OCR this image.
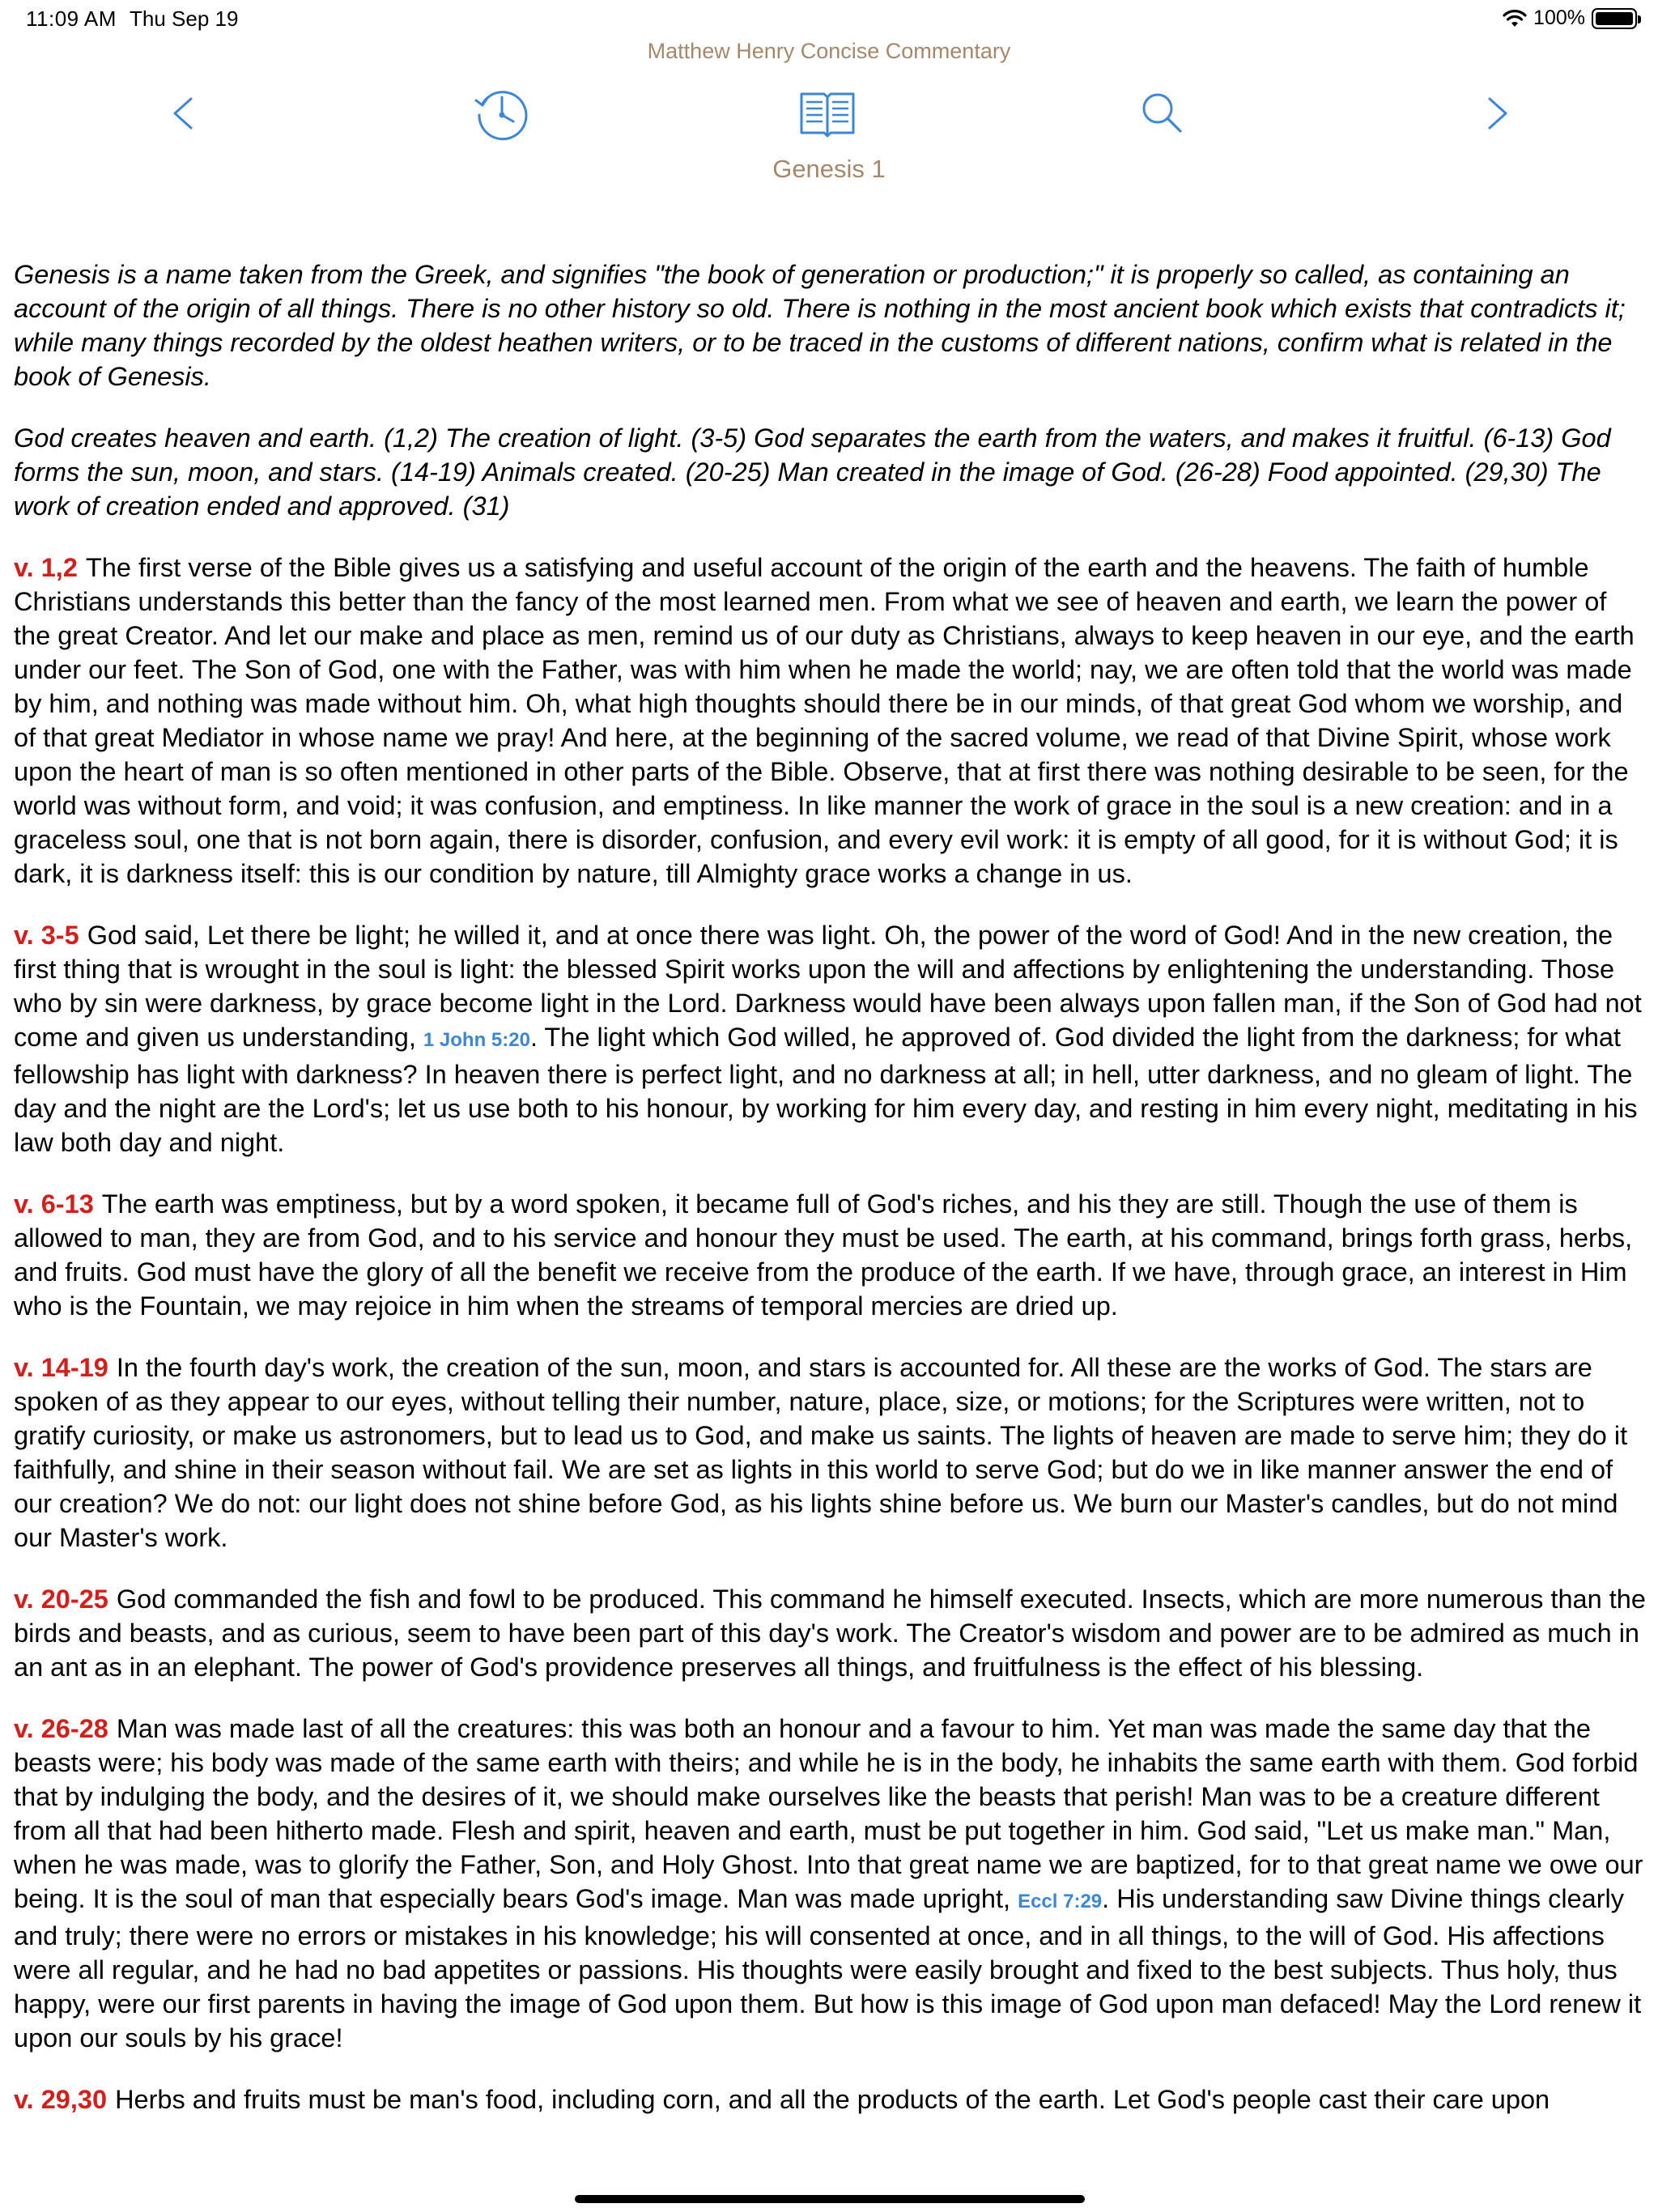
11:09 AM Thu Sep 19	100%
Matthew Henry Concise Commentary
Genesis 1

Genesis is a name taken from the Greek, and signifies "the book of generation or production;" it is properly so called, as containing an account of the origin of all things. There is no other history so old. There is nothing in the most ancient book which exists that contradicts it; while many things recorded by the oldest heathen writers, or to be traced in the customs of different nations, confirm what is related in the book of Genesis.

God creates heaven and earth. (1,2) The creation of light. (3-5) God separates the earth from the waters, and makes it fruitful. (6-13) God forms the sun, moon, and stars. (14-19) Animals created. (20-25) Man created in the image of God. (26-28) Food appointed. (29,30) The work of creation ended and approved. (31)

v. 1,2 The first verse of the Bible gives us a satisfying and useful account of the origin of the earth and the heavens. The faith of humble Christians understands this better than the fancy of the most learned men. From what we see of heaven and earth, we learn the power of the great Creator. And let our make and place as men, remind us of our duty as Christians, always to keep heaven in our eye, and the earth under our feet. The Son of God, one with the Father, was with him when he made the world; nay, we are often told that the world was made by him, and nothing was made without him. Oh, what high thoughts should there be in our minds, of that great God whom we worship, and of that great Mediator in whose name we pray! And here, at the beginning of the sacred volume, we read of that Divine Spirit, whose work upon the heart of man is so often mentioned in other parts of the Bible. Observe, that at first there was nothing desirable to be seen, for the world was without form, and void; it was confusion, and emptiness. In like manner the work of grace in the soul is a new creation: and in a graceless soul, one that is not born again, there is disorder, confusion, and every evil work: it is empty of all good, for it is without God; it is dark, it is darkness itself: this is our condition by nature, till Almighty grace works a change in us.

v. 3-5 God said, Let there be light; he willed it, and at once there was light. Oh, the power of the word of God! And in the new creation, the first thing that is wrought in the soul is light: the blessed Spirit works upon the will and affections by enlightening the understanding. Those who by sin were darkness, by grace become light in the Lord. Darkness would have been always upon fallen man, if the Son of God had not come and given us understanding, 1 John 5:20. The light which God willed, he approved of. God divided the light from the darkness; for what fellowship has light with darkness? In heaven there is perfect light, and no darkness at all; in hell, utter darkness, and no gleam of light. The day and the night are the Lord's; let us use both to his honour, by working for him every day, and resting in him every night, meditating in his law both day and night.

v. 6-13 The earth was emptiness, but by a word spoken, it became full of God's riches, and his they are still. Though the use of them is allowed to man, they are from God, and to his service and honour they must be used. The earth, at his command, brings forth grass, herbs, and fruits. God must have the glory of all the benefit we receive from the produce of the earth. If we have, through grace, an interest in Him who is the Fountain, we may rejoice in him when the streams of temporal mercies are dried up.

v. 14-19 In the fourth day's work, the creation of the sun, moon, and stars is accounted for. All these are the works of God. The stars are spoken of as they appear to our eyes, without telling their number, nature, place, size, or motions; for the Scriptures were written, not to gratify curiosity, or make us astronomers, but to lead us to God, and make us saints. The lights of heaven are made to serve him; they do it faithfully, and shine in their season without fail. We are set as lights in this world to serve God; but do we in like manner answer the end of our creation? We do not: our light does not shine before God, as his lights shine before us. We burn our Master's candles, but do not mind our Master's work.

v. 20-25 God commanded the fish and fowl to be produced. This command he himself executed. Insects, which are more numerous than the birds and beasts, and as curious, seem to have been part of this day's work. The Creator's wisdom and power are to be admired as much in an ant as in an elephant. The power of God's providence preserves all things, and fruitfulness is the effect of his blessing.

v. 26-28 Man was made last of all the creatures: this was both an honour and a favour to him. Yet man was made the same day that the beasts were; his body was made of the same earth with theirs; and while he is in the body, he inhabits the same earth with them. God forbid that by indulging the body, and the desires of it, we should make ourselves like the beasts that perish! Man was to be a creature different from all that had been hitherto made. Flesh and spirit, heaven and earth, must be put together in him. God said, "Let us make man." Man, when he was made, was to glorify the Father, Son, and Holy Ghost. Into that great name we are baptized, for to that great name we owe our being. It is the soul of man that especially bears God's image. Man was made upright, Eccl 7:29. His understanding saw Divine things clearly and truly; there were no errors or mistakes in his knowledge; his will consented at once, and in all things, to the will of God. His affections were all regular, and he had no bad appetites or passions. His thoughts were easily brought and fixed to the best subjects. Thus holy, thus happy, were our first parents in having the image of God upon them. But how is this image of God upon man defaced! May the Lord renew it upon our souls by his grace!

v. 29,30 Herbs and fruits must be man's food, including corn, and all the products of the earth. Let God's people cast their care upon
